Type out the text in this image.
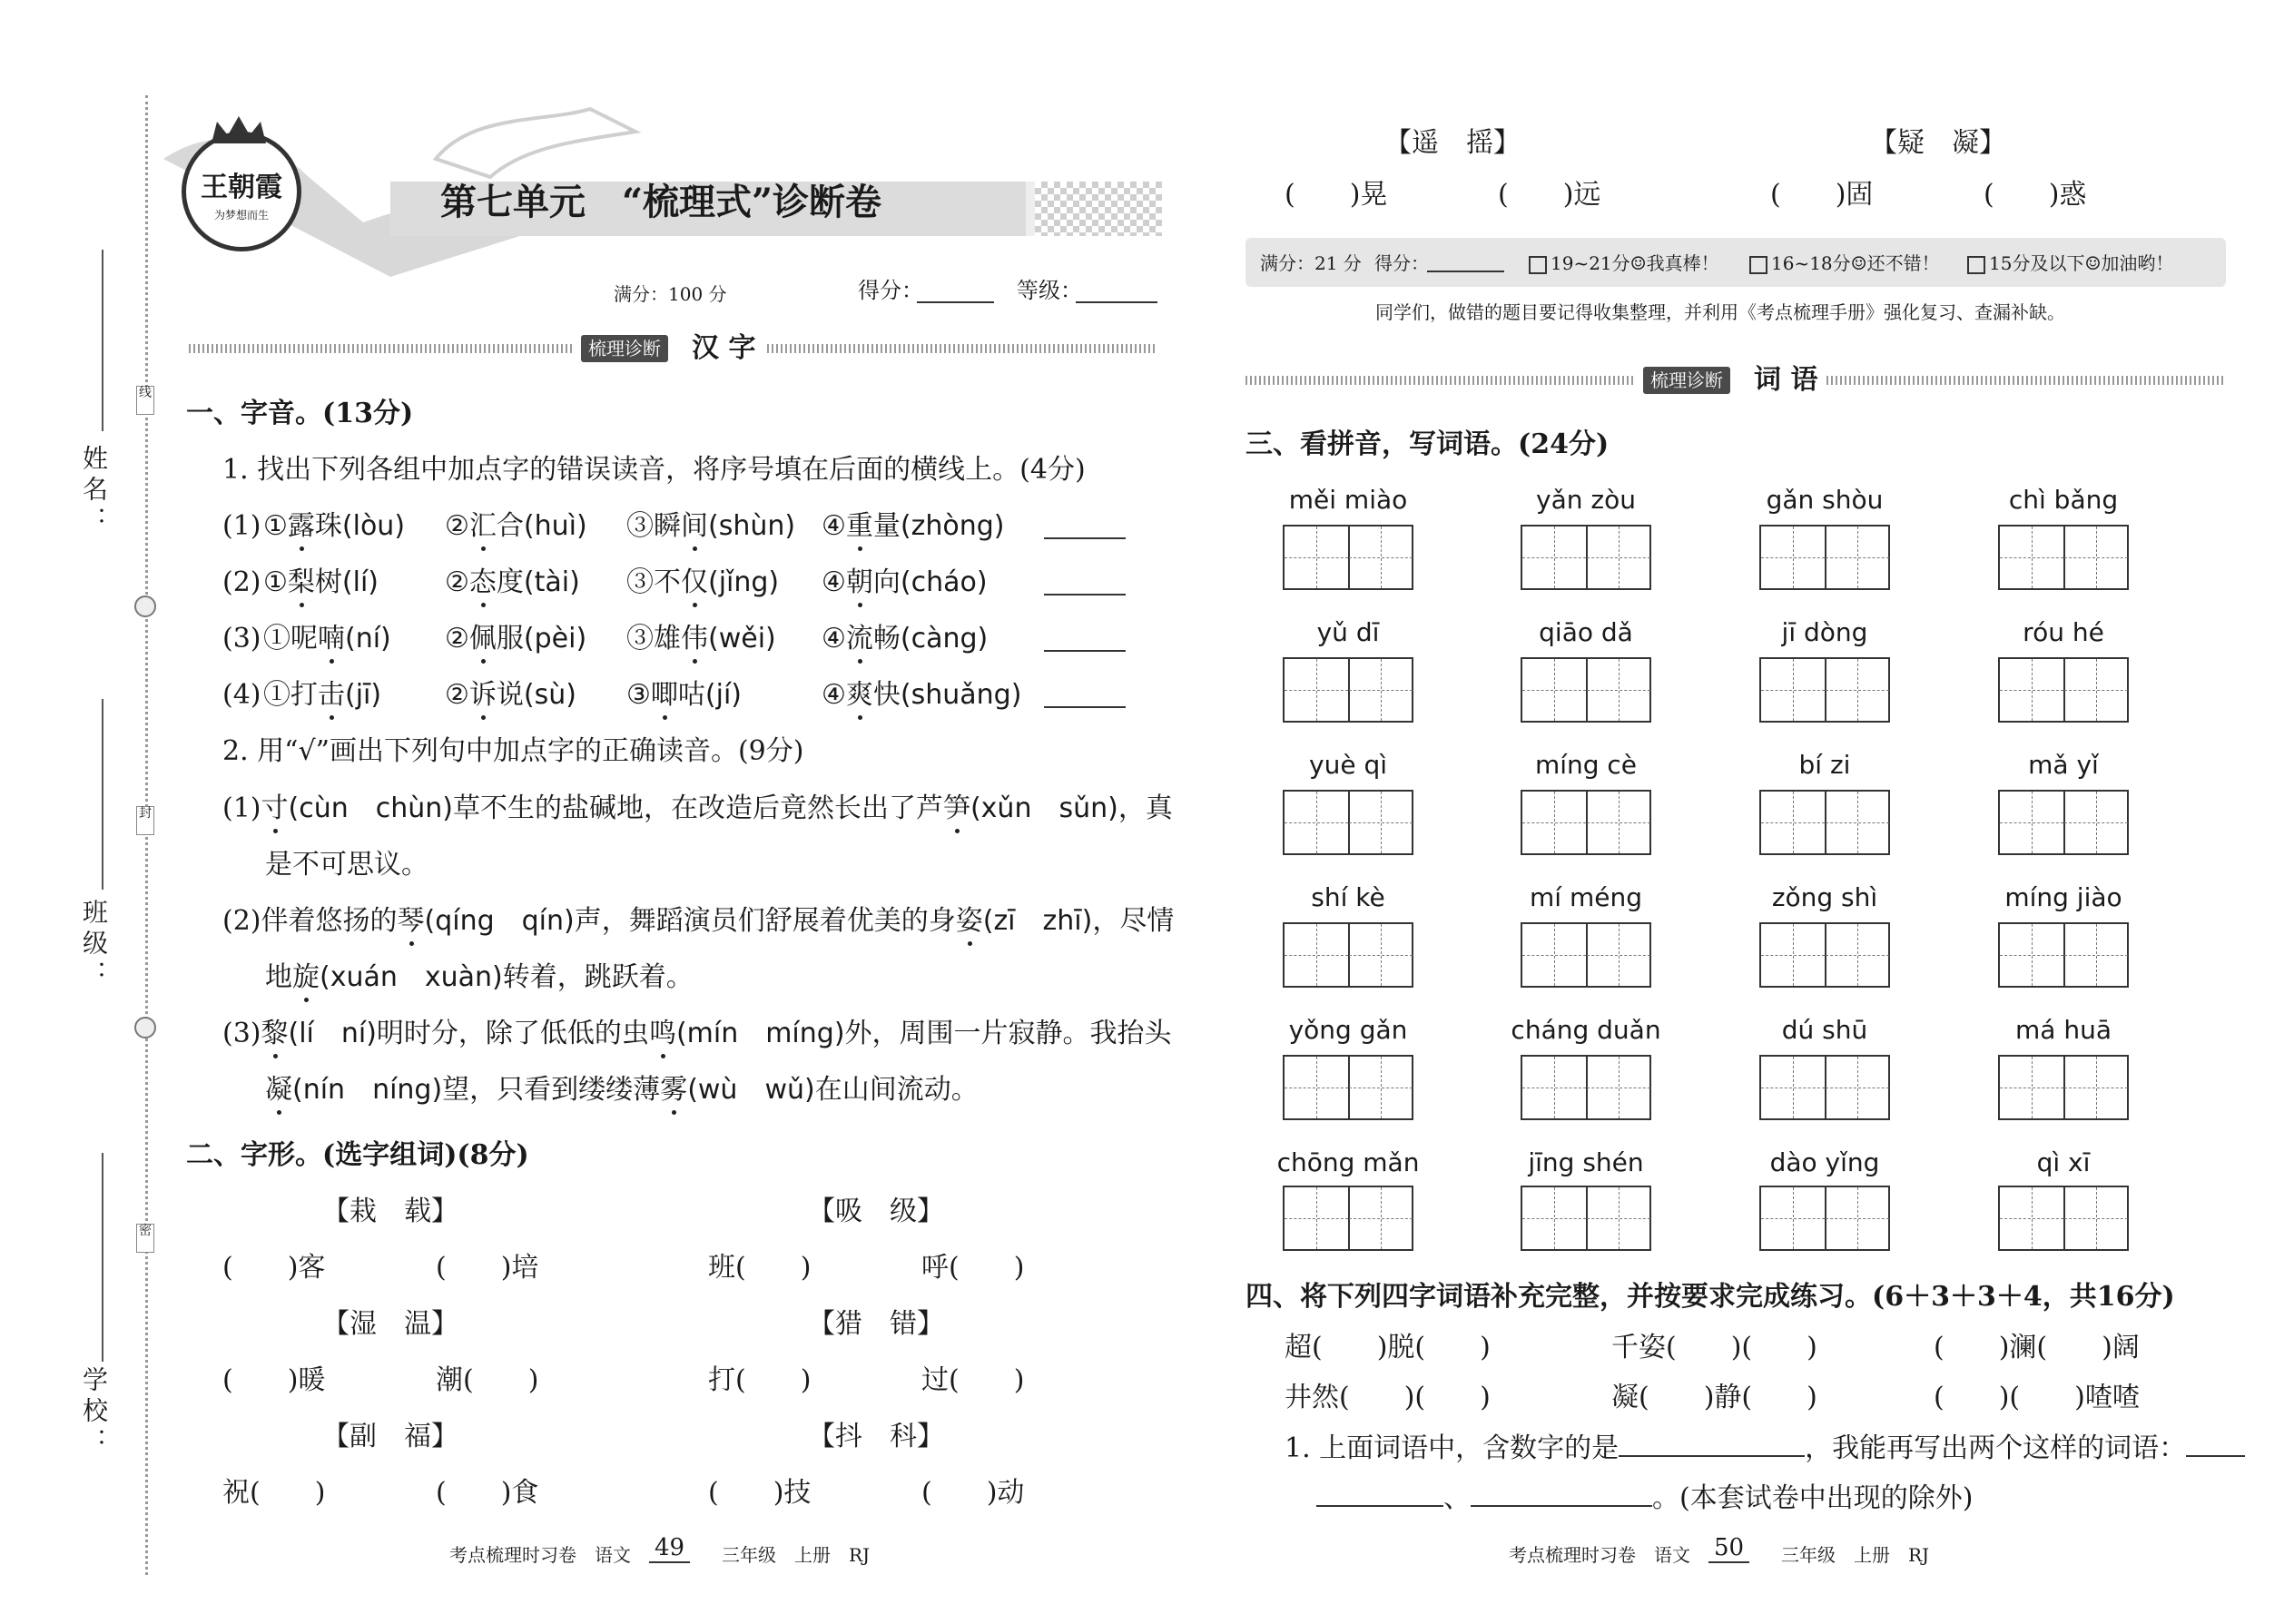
姓名：
班级：
学校：
线
封
密
王朝霞
为梦想而生	第七单元　“梳理式”诊断卷
满分：100 分	得分：	等级：
梳理诊断 汉 字
一、字音。(13分)
1. 找出下列各组中加点字的错误读音，将序号填在后面的横线上。(4分)
(1) ①露珠(lòu) ②汇合(huì) ③瞬间(shùn) ④重量(zhòng)
(2) ①梨树(lí) ②态度(tài) ③不仅(jǐng) ④朝向(cháo)
(3) ①呢喃(ní) ②佩服(pèi) ③雄伟(wěi) ④流畅(càng)
(4) ①打击(jī) ②诉说(sù) ③唧咕(jí)	④爽快(shuǎng)
2. 用“√”画出下列句中加点字的正确读音。(9分)
(1)寸(cùn　chùn)草不生的盐碱地，在改造后竟然长出了芦笋(xǔn　sǔn)，真
是不可思议。
(2)伴着悠扬的琴(qíng　qín)声，舞蹈演员们舒展着优美的身姿(zī　zhī)，尽情
地旋(xuán　xuàn)转着，跳跃着。
(3)黎(lí　ní)明时分，除了低低的虫鸣(mín　míng)外，周围一片寂静。我抬头
凝(nín　níng)望，只看到缕缕薄雾(wù　wǔ)在山间流动。
二、字形。(选字组词)(8分)
【栽　载】	【吸　级】
(　　)客	(　　)培	班(　　)	呼(　　)
【湿　温】	【猎　错】
(　　)暖	潮(　　)	打(　　)	过(　　)
【副　福】	【抖　科】
祝(　　)	(　　)食	(　　)技	(　　)动
考点梳理时习卷　语文 49	三年级　上册　RJ
【遥　摇】	【疑　凝】
(　　)晃	(　　)远	(　　)固	(　　)惑
满分：21 分 得分：	19~21分☺我真棒！	16~18分☺还不错！	15分及以下☺加油哟！
同学们，做错的题目要记得收集整理，并利用《考点梳理手册》强化复习、查漏补缺。
梳理诊断 词 语
三、看拼音，写词语。(24分)
měi miào	yǎn zòu	gǎn shòu	chì bǎng
yǔ dī	qiāo dǎ	jī dòng	róu hé
yuè qì	míng cè	bí zi	mǎ yǐ
shí kè	mí méng	zǒng shì	míng jiào
yǒng gǎn	cháng duǎn	dú shū	má huā
chōng mǎn	jīng shén	dào yǐng	qì xī
四、将下列四字词语补充完整，并按要求完成练习。(6＋3＋3＋4，共16分)
超(　　)脱(　　)	千姿(　　)(　　)	(　　)澜(　　)阔
井然(　　)(　　)	凝(　　)静(　　)	(　　)(　　)喳喳
1. 上面词语中，含数字的是	，我能再写出两个这样的词语：
、	。(本套试卷中出现的除外)
考点梳理时习卷　语文 50	三年级　上册　RJ
